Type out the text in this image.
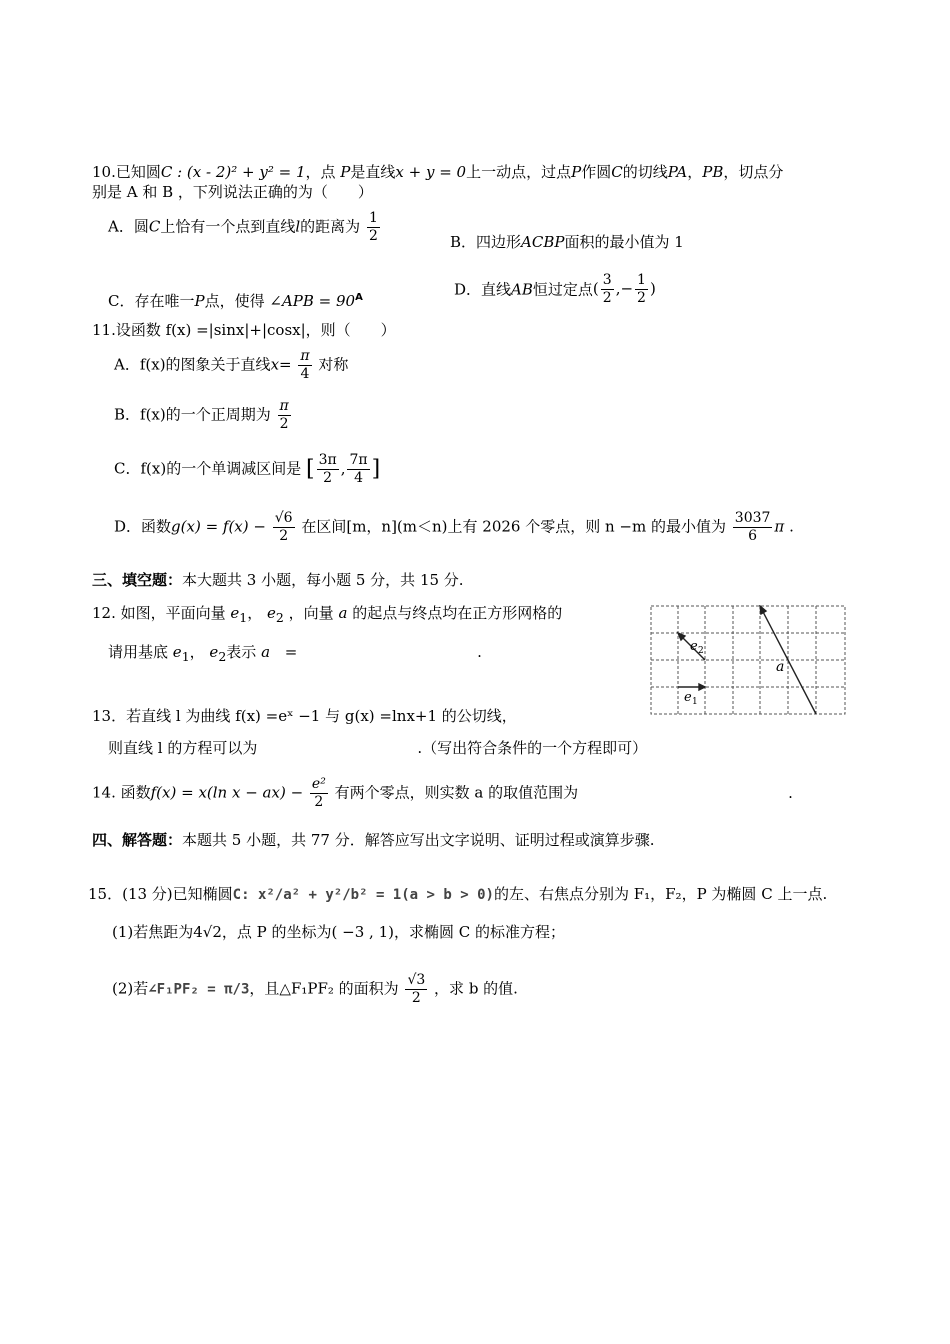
10.已知圆C : (x - 2)² + y² = 1，点 P是直线x + y = 0上一动点，过点P作圆C的切线PA，PB，切点分
别是 A 和 B ，下列说法正确的为（　　）
A．圆C上恰有一个点到直线l的距离为 $\frac{1}{2}$	B．四边形ACBP面积的最小值为 1
C．存在唯一P点，使得 ∠APB = $90^A$	D．直线AB恒过定点( $\frac{3}{2}$ ,− $\frac{1}{2}$ )
11.设函数 f(x) =|sinx|+|cosx|，则（　　）
A．f(x)的图象关于直线$x= \frac{\pi}{4}$ 对称
B．f(x)的一个正周期为 $\frac{\pi}{2}$
C．f(x)的一个单调减区间是 [ $\frac{3\pi}{2}$ , $\frac{7\pi}{4}$ ]
D．函数$g(x) = f(x) - \frac{√6}{2}$ 在区间[m，n](m＜n)上有 2026 个零点，则 n −m 的最小值为 $\frac{3037}{6}$ π .
三、填空题：本大题共 3 小题，每小题 5 分，共 15 分.
12. 如图，平面向量 $e_1$， $e_2$ ，向量 a 的起点与终点均在正方形网格的
请用基底 $e_1$， $e_2$表示 a =	.
e 1
e 2
a
13．若直线 l 为曲线 f(x) =eˣ −1 与 g(x) =lnx+1 的公切线，
则直线 l 的方程可以为	.（写出符合条件的一个方程即可）
14. 函数f(x) = x(ln $x - ax) - \frac{\text{e²}}{2}$ 有两个零点，则实数 a 的取值范围为	.
四、解答题：本题共 5 小题，共 77 分．解答应写出文字说明、证明过程或演算步骤.
15．(13 分)已知椭圆C: x²/a² + y²/b² = 1(a > b > 0)的左、右焦点分别为 F₁，F₂，P 为椭圆 C 上一点.
(1)若焦距为4√2，点 P 的坐标为( −3 , 1)，求椭圆 C 的标准方程；
(2)若∠F₁PF₂ = π/3，且△F₁PF₂ 的面积为 $\frac{√3}{2}$ ，求 b 的值.
